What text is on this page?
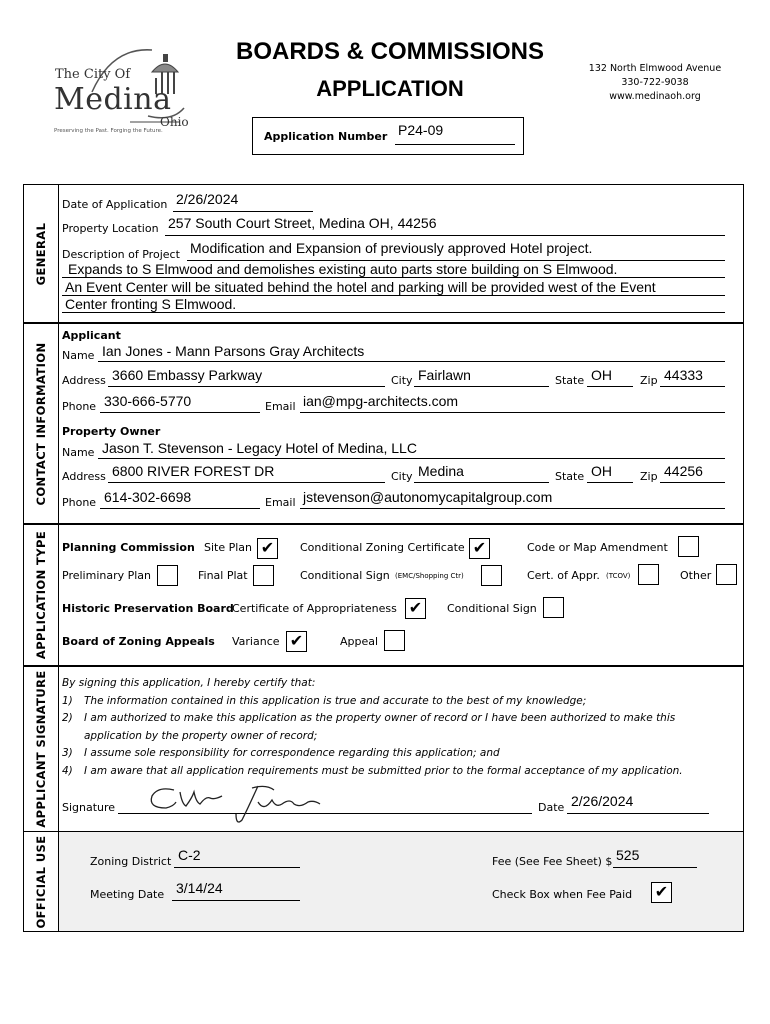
The City Of
Medina
Ohio
Preserving the Past. Forging the Future.
BOARDS & COMMISSIONS
APPLICATION
132 North Elmwood Avenue
330-722-9038
www.medinaoh.org
Application Number P24-09
GENERAL
Date of Application 2/26/2024
Property Location 257 South Court Street, Medina OH, 44256
Description of Project Modification and Expansion of previously approved Hotel project.
Expands to S Elmwood and demolishes existing auto parts store building on S Elmwood.
An Event Center will be situated behind the hotel and parking will be provided west of the Event
Center fronting S Elmwood.
CONTACT INFORMATION
Applicant
Name Ian Jones - Mann Parsons Gray Architects
Address 3660 Embassy Parkway	City Fairlawn	State OH	Zip 44333
Phone 330-666-5770	Email ian@mpg-architects.com
Property Owner
Name Jason T. Stevenson - Legacy Hotel of Medina, LLC
Address 6800 RIVER FOREST DR	City Medina	State OH	Zip 44256
Phone 614-302-6698	Email jstevenson@autonomycapitalgroup.com
APPLICATION TYPE Planning Commission Site Plan ✔	Conditional Zoning Certificate ✔	Code or Map Amendment
Preliminary Plan	Final Plat	Conditional Sign (EMC/Shopping Ctr)	Cert. of Appr. (TCOV)	Other
Historic Preservation Board
Certificate of Appropriateness ✔	Conditional Sign
Board of Zoning Appeals Variance ✔	Appeal
APPLICANT SIGNATURE By signing this application, I hereby certify that:
1) The information contained in this application is true and accurate to the best of my knowledge;
2) I am authorized to make this application as the property owner of record or I have been authorized to make this
application by the property owner of record;
3) I assume sole responsibility for correspondence regarding this application; and
4) I am aware that all application requirements must be submitted prior to the formal acceptance of my application.
Signature	Date 2/26/2024
OFFICIAL USE	Zoning District C-2
Meeting Date 3/14/24
Fee (See Fee Sheet) $ 525
Check Box when Fee Paid ✔
